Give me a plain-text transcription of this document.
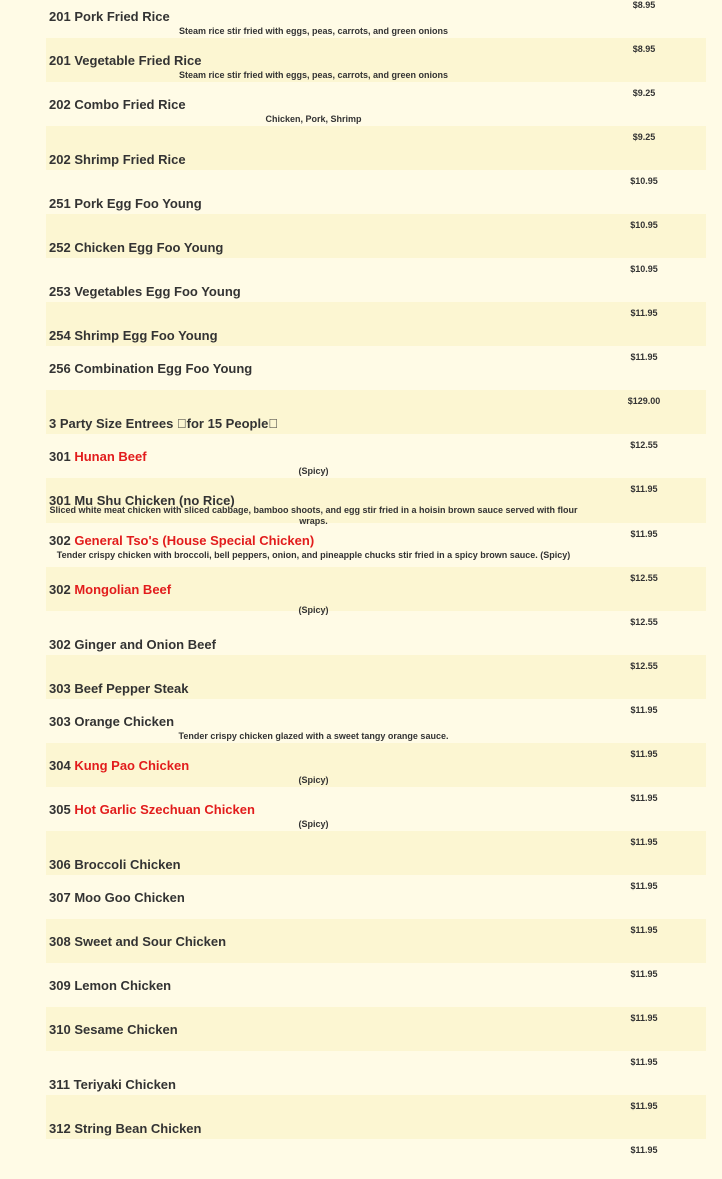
$8.95
201 Pork Fried Rice
Steam rice stir fried with eggs, peas, carrots, and green onions
$8.95
201 Vegetable Fried Rice
Steam rice stir fried with eggs, peas, carrots, and green onions
$9.25
202 Combo Fried Rice
Chicken, Pork, Shrimp
$9.25
202 Shrimp Fried Rice
$10.95
251 Pork Egg Foo Young
$10.95
252 Chicken Egg Foo Young
$10.95
253 Vegetables Egg Foo Young
$11.95
254 Shrimp Egg Foo Young
$11.95
256 Combination Egg Foo Young
$129.00
3 Party Size Entrees for 15 People
$12.55
301 Hunan Beef
(Spicy)
$11.95
301 Mu Shu Chicken (no Rice)
Sliced white meat chicken with sliced cabbage, bamboo shoots, and egg stir fried in a hoisin brown sauce served with flour wraps.
$11.95
302 General Tso's (House Special Chicken)
Tender crispy chicken with broccoli, bell peppers, onion, and pineapple chucks stir fried in a spicy brown sauce. (Spicy)
$12.55
302 Mongolian Beef
(Spicy)
$12.55
302 Ginger and Onion Beef
$12.55
303 Beef Pepper Steak
$11.95
303 Orange Chicken
Tender crispy chicken glazed with a sweet tangy orange sauce.
$11.95
304 Kung Pao Chicken
(Spicy)
$11.95
305 Hot Garlic Szechuan Chicken
(Spicy)
$11.95
306 Broccoli Chicken
$11.95
307 Moo Goo Chicken
$11.95
308 Sweet and Sour Chicken
$11.95
309 Lemon Chicken
$11.95
310 Sesame Chicken
$11.95
311 Teriyaki Chicken
$11.95
312 String Bean Chicken
$11.95
